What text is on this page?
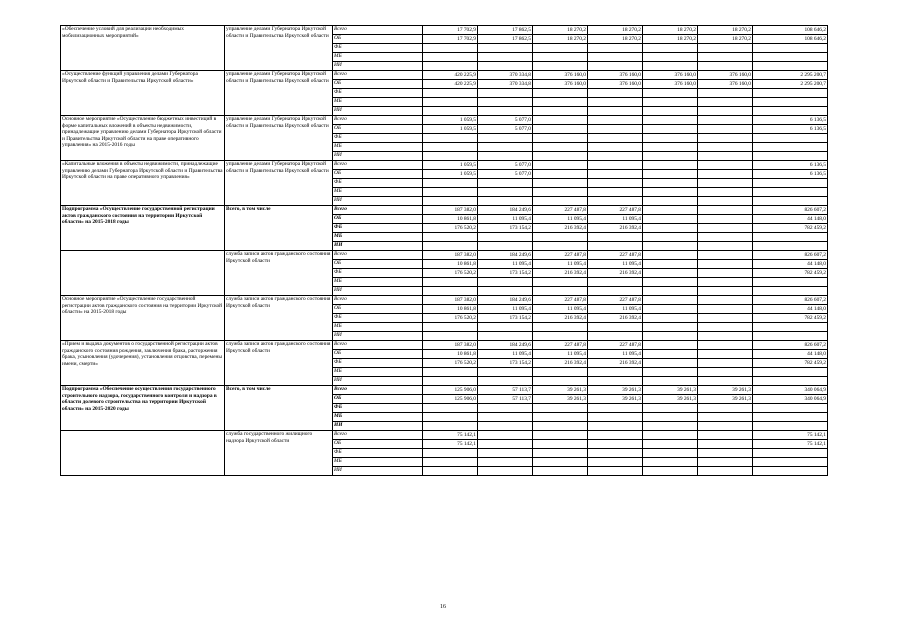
«Обеспечение условий для реализации необходимых мобилизационных мероприятий»	управление делами Губернатора Иркутской области и Правительства Иркутской области	Всего	17 702,9	17 862,5	18 270,2	18 270,2	18 270,2	18 270,2	108 646,2
		ОБ	17 702,9	17 862,5	18 270,2	18 270,2	18 270,2	18 270,2	108 646,2
		ФБ							
		МБ							
		ИИ							
«Осуществление функций управления делами Губернатора Иркутской области и Правительства Иркутской области»	управление делами Губернатора Иркутской области и Правительства Иркутской области	Всего	420 225,9	370 334,8	376 160,0	376 160,0	376 160,0	376 160,0	2 295 200,7
		ОБ	420 225,9	370 334,8	376 160,0	376 160,0	376 160,0	376 160,0	2 295 200,7
		ФБ							
		МБ							
		ИИ							
Основное мероприятие «Осуществление бюджетных инвестиций в форме капитальных вложений в объекты недвижимости, принадлежащие управлению делами Губернатора Иркутской области и Правительства Иркутской области на праве оперативного управления» на 2015-2016 годы	управление делами Губернатора Иркутской области и Правительства Иркутской области	Всего	1 059,5	5 077,0					6 136,5
		ОБ	1 059,5	5 077,0					6 136,5
		ФБ							
		МБ							
		ИИ							
«Капитальные вложения в объекты недвижимости, принадлежащие управлению делами Губернатора Иркутской области и Правительства Иркутской области на праве оперативного управления»	управление делами Губернатора Иркутской области и Правительства Иркутской области	Всего	1 059,5	5 077,0					6 136,5
		ОБ	1 059,5	5 077,0					6 136,5
		ФБ							
		МБ							
		ИИ							
Подпрограмма «Осуществление государственной регистрации актов гражданского состояния на территории Иркутской области» на 2015-2018 годы	Всего, в том числе	Всего	187 382,0	184 249,6	227 487,8	227 487,8			826 607,2
		ОБ	10 861,8	11 095,4	11 095,4	11 095,4			44 148,0
		ФБ	176 520,2	173 154,2	216 392,4	216 392,4			782 459,2
		МБ							
		ИИ							
	служба записи актов гражданского состояния Иркутской области	Всего	187 382,0	184 249,6	227 487,8	227 487,8			826 607,2
		ОБ	10 861,8	11 095,4	11 095,4	11 095,4			44 148,0
		ФБ	176 520,2	173 154,2	216 392,4	216 392,4			782 459,2
		МБ							
		ИИ							
Основное мероприятие «Осуществление государственной регистрации актов гражданского состояния на территории Иркутской области» на 2015-2018 годы	служба записи актов гражданского состояния Иркутской области	Всего	187 382,0	184 249,6	227 487,8	227 487,8			826 607,2
		ОБ	10 861,8	11 095,4	11 095,4	11 095,4			44 148,0
		ФБ	176 520,2	173 154,2	216 392,4	216 392,4			782 459,2
		МБ							
		ИИ							
«Прием и выдача документов о государственной регистрации актов гражданского состояния рождения, заключения брака, расторжения брака, усыновления (удочерения), установления отцовства, перемены имени, смерти»	служба записи актов гражданского состояния Иркутской области	Всего	187 382,0	184 249,6	227 487,8	227 487,8			826 607,2
		ОБ	10 861,8	11 095,4	11 095,4	11 095,4			44 148,0
		ФБ	176 520,2	173 154,2	216 392,4	216 392,4			782 459,2
		МБ							
		ИИ							
Подпрограмма «Обеспечение осуществления государственного строительного надзора, государственного контроля и надзора в области долевого строительства на территории Иркутской области» на 2015-2020 годы	Всего, в том числе	Всего	125 906,0	57 113,7	39 261,3	39 261,3	39 261,3	39 261,3	340 064,9
		ОБ	125 906,0	57 113,7	39 261,3	39 261,3	39 261,3	39 261,3	340 064,9
		ФБ							
		МБ							
		ИИ							
	служба государственного жилищного надзора Иркутской области	Всего	75 142,1						75 142,1
		ОБ	75 142,1						75 142,1
		ФБ							
		МБ							
		ИИ							
16
